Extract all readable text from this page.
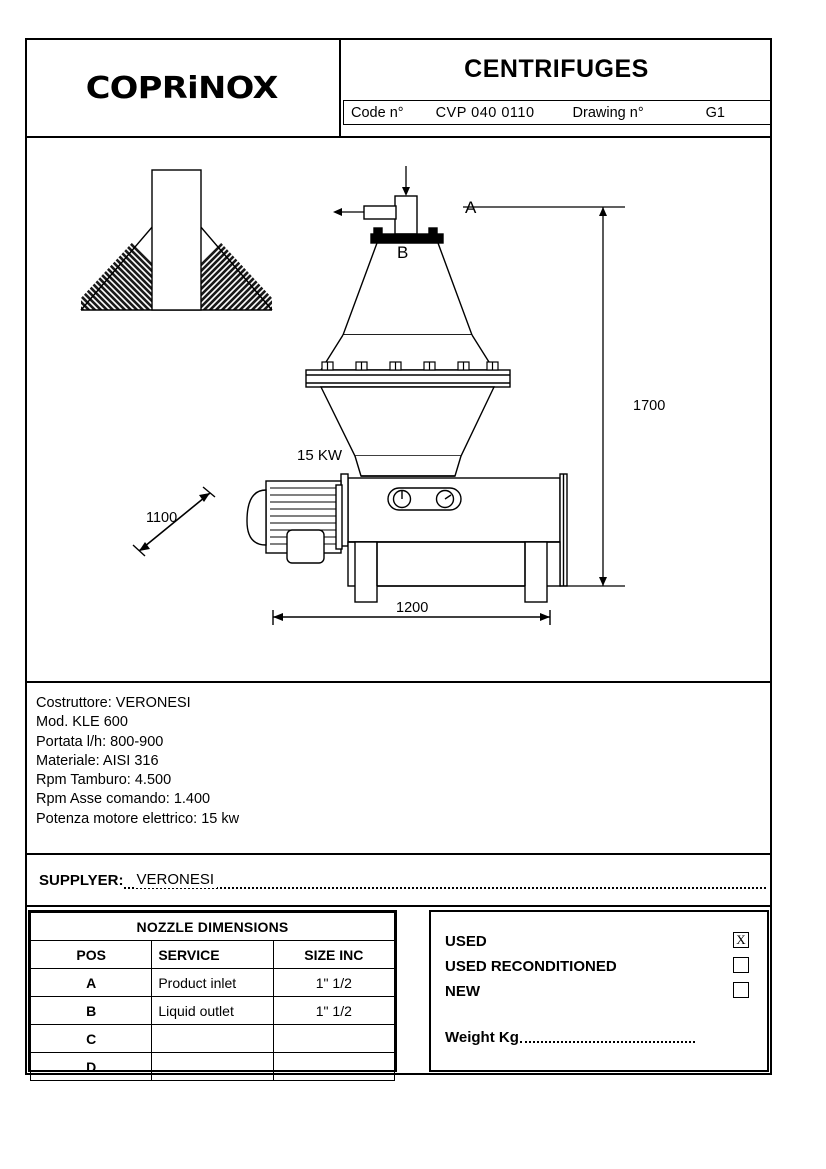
COPRiNOX
CENTRIFUGES
Code n° CVP 040 0110	Drawing n°	G1
A
B
1700
1200
1100
15 KW
Costruttore: VERONESI
Mod. KLE 600
Portata l/h: 800-900
Materiale: AISI 316
Rpm Tamburo: 4.500
Rpm Asse comando: 1.400
Potenza motore elettrico: 15 kw
SUPPLYER: VERONESI
NOZZLE DIMENSIONS		

POS	SERVICE	SIZE INC
A	Product inlet	1" 1/2
B	Liquid outlet	1" 1/2
C		
D		
USED	X
USED RECONDITIONED
NEW
Weight Kg
